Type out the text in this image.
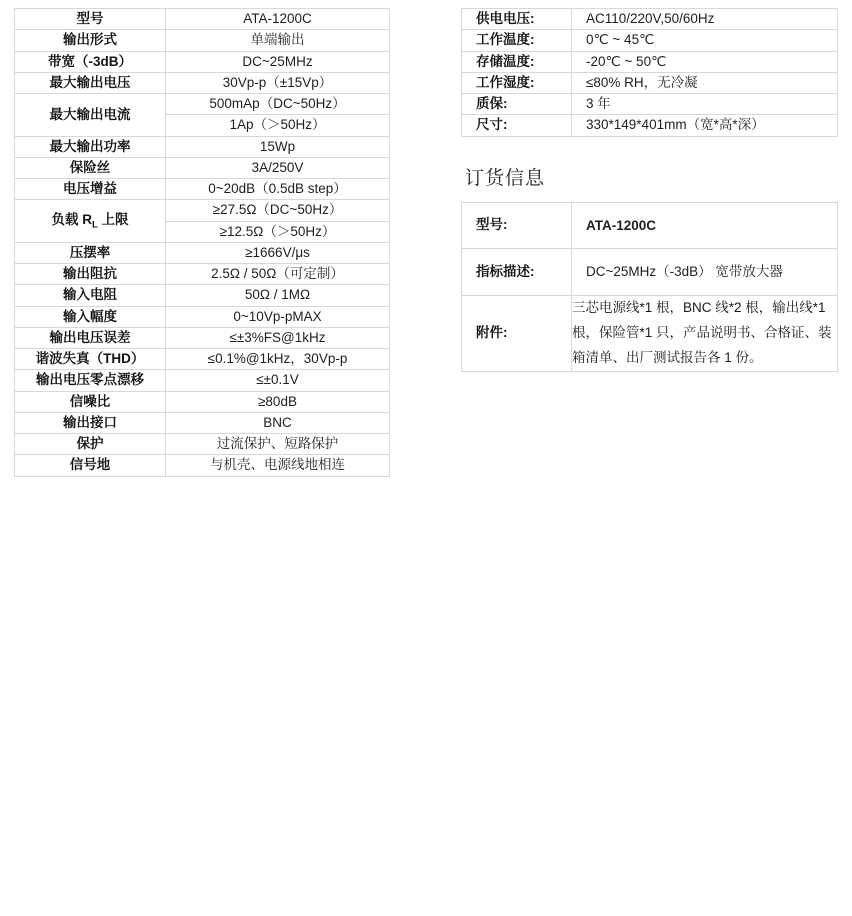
型号	ATA-1200C
输出形式	单端输出
带宽（-3dB）	DC~25MHz
最大输出电压	30Vp-p（±15Vp）
最大输出电流	500mAp（DC~50Hz）
	1Ap（＞50Hz）
最大输出功率	15Wp
保险丝	3A/250V
电压增益	0~20dB（0.5dB step）
负载 $R_L$ 上限	≥27.5Ω（DC~50Hz）
	≥12.5Ω（＞50Hz）
压摆率	≥1666V/μs
输出阻抗	2.5Ω / 50Ω（可定制）
输入电阻	50Ω / 1MΩ
输入幅度	0~10Vp-pMAX
输出电压误差	≤±3%FS@1kHz
谐波失真（THD）	≤0.1%@1kHz，30Vp-p
输出电压零点漂移	≤±0.1V
信噪比	≥80dB
输出接口	BNC
保护	过流保护、短路保护
信号地	与机壳、电源线地相连
供电电压:	AC110/220V,50/60Hz
工作温度:	0℃ ~ 45℃
存储温度:	-20℃ ~ 50℃
工作湿度:	≤80% RH，无冷凝
质保:	3 年
尺寸:	330*149*401mm（宽*高*深）
订货信息
型号:	ATA-1200C
指标描述:	DC~25MHz（-3dB） 宽带放大器
附件:	三芯电源线*1 根，BNC 线*2 根，输出线*1 根，保险管*1 只，产品说明书、合格证、装箱清单、出厂测试报告各 1 份。
